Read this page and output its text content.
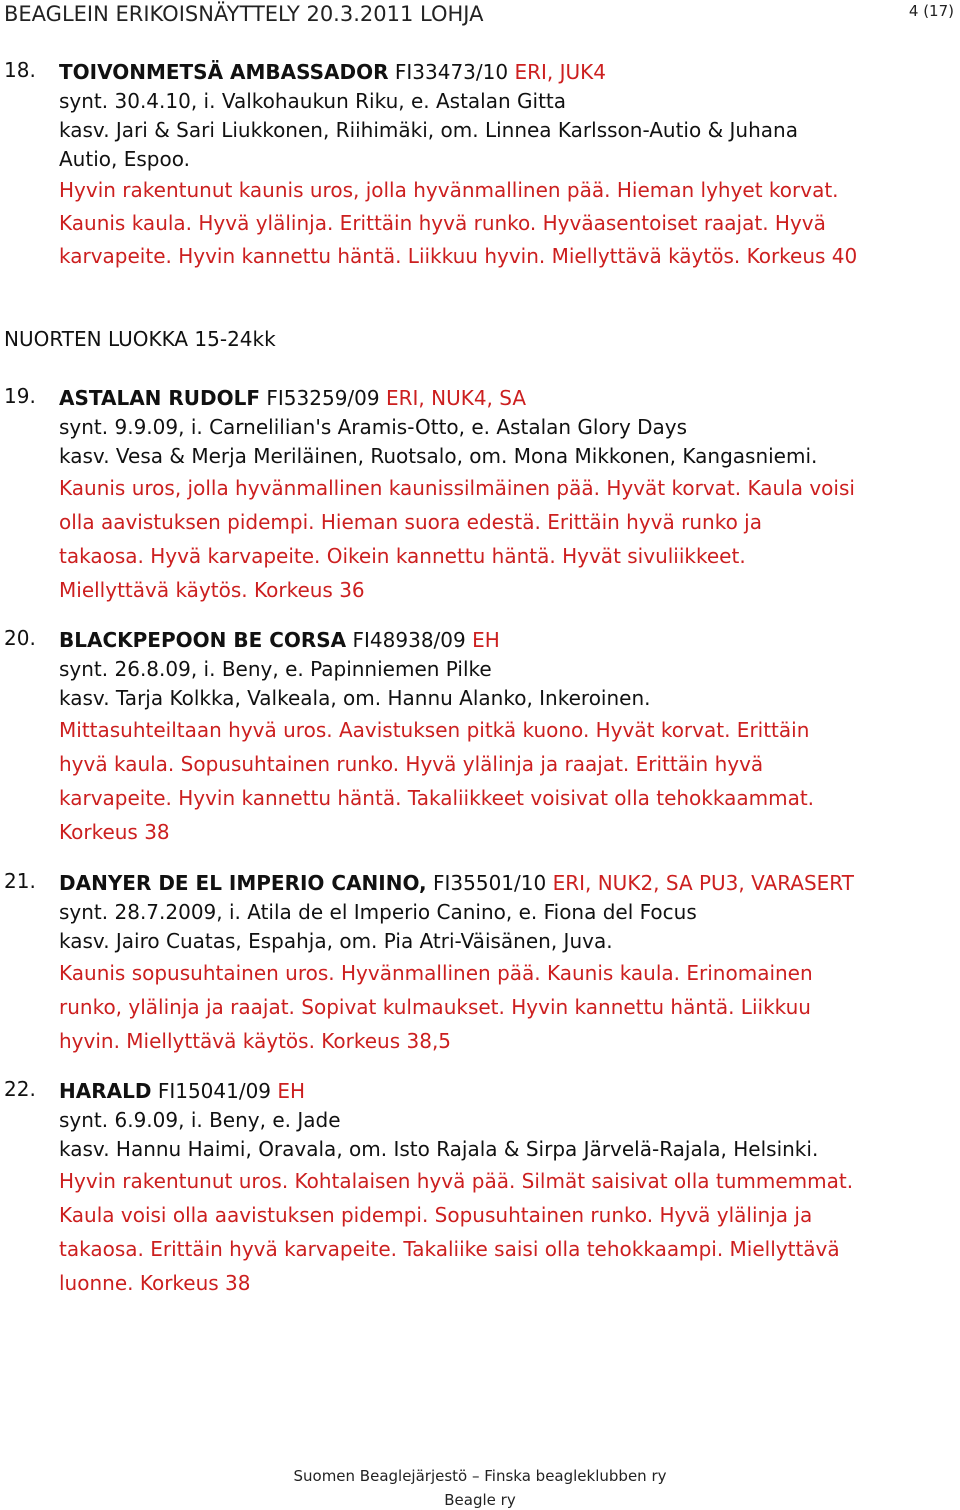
BEAGLEIN ERIKOISNÄYTTELY 20.3.2011 LOHJA	4 (17)
18. TOIVONMETSÄ AMBASSADOR FI33473/10 ERI, JUK4
synt. 30.4.10, i. Valkohaukun Riku, e. Astalan Gitta
kasv. Jari & Sari Liukkonen, Riihimäki, om. Linnea Karlsson-Autio & Juhana
Autio, Espoo.
Hyvin rakentunut kaunis uros, jolla hyvänmallinen pää. Hieman lyhyet korvat.
Kaunis kaula. Hyvä ylälinja. Erittäin hyvä runko. Hyväasentoiset raajat. Hyvä
karvapeite. Hyvin kannettu häntä. Liikkuu hyvin. Miellyttävä käytös. Korkeus 40
NUORTEN LUOKKA 15-24kk
19. ASTALAN RUDOLF FI53259/09 ERI, NUK4, SA
synt. 9.9.09, i. Carnelilian's Aramis-Otto, e. Astalan Glory Days
kasv. Vesa & Merja Meriläinen, Ruotsalo, om. Mona Mikkonen, Kangasniemi.
Kaunis uros, jolla hyvänmallinen kaunissilmäinen pää. Hyvät korvat. Kaula voisi
olla aavistuksen pidempi. Hieman suora edestä. Erittäin hyvä runko ja
takaosa. Hyvä karvapeite. Oikein kannettu häntä. Hyvät sivuliikkeet.
Miellyttävä käytös. Korkeus 36
20. BLACKPEPOON BE CORSA FI48938/09 EH
synt. 26.8.09, i. Beny, e. Papinniemen Pilke
kasv. Tarja Kolkka, Valkeala, om. Hannu Alanko, Inkeroinen.
Mittasuhteiltaan hyvä uros. Aavistuksen pitkä kuono. Hyvät korvat. Erittäin
hyvä kaula. Sopusuhtainen runko. Hyvä ylälinja ja raajat. Erittäin hyvä
karvapeite. Hyvin kannettu häntä. Takaliikkeet voisivat olla tehokkaammat.
Korkeus 38
21. DANYER DE EL IMPERIO CANINO, FI35501/10 ERI, NUK2, SA PU3, VARASERT
synt. 28.7.2009, i. Atila de el Imperio Canino, e. Fiona del Focus
kasv. Jairo Cuatas, Espahja, om. Pia Atri-Väisänen, Juva.
Kaunis sopusuhtainen uros. Hyvänmallinen pää. Kaunis kaula. Erinomainen
runko, ylälinja ja raajat. Sopivat kulmaukset. Hyvin kannettu häntä. Liikkuu
hyvin. Miellyttävä käytös. Korkeus 38,5
22. HARALD FI15041/09 EH
synt. 6.9.09, i. Beny, e. Jade
kasv. Hannu Haimi, Oravala, om. Isto Rajala & Sirpa Järvelä-Rajala, Helsinki.
Hyvin rakentunut uros. Kohtalaisen hyvä pää. Silmät saisivat olla tummemmat.
Kaula voisi olla aavistuksen pidempi. Sopusuhtainen runko. Hyvä ylälinja ja
takaosa. Erittäin hyvä karvapeite. Takaliike saisi olla tehokkaampi. Miellyttävä
luonne. Korkeus 38
Suomen Beaglejärjestö – Finska beagleklubben ry
Beagle ry
